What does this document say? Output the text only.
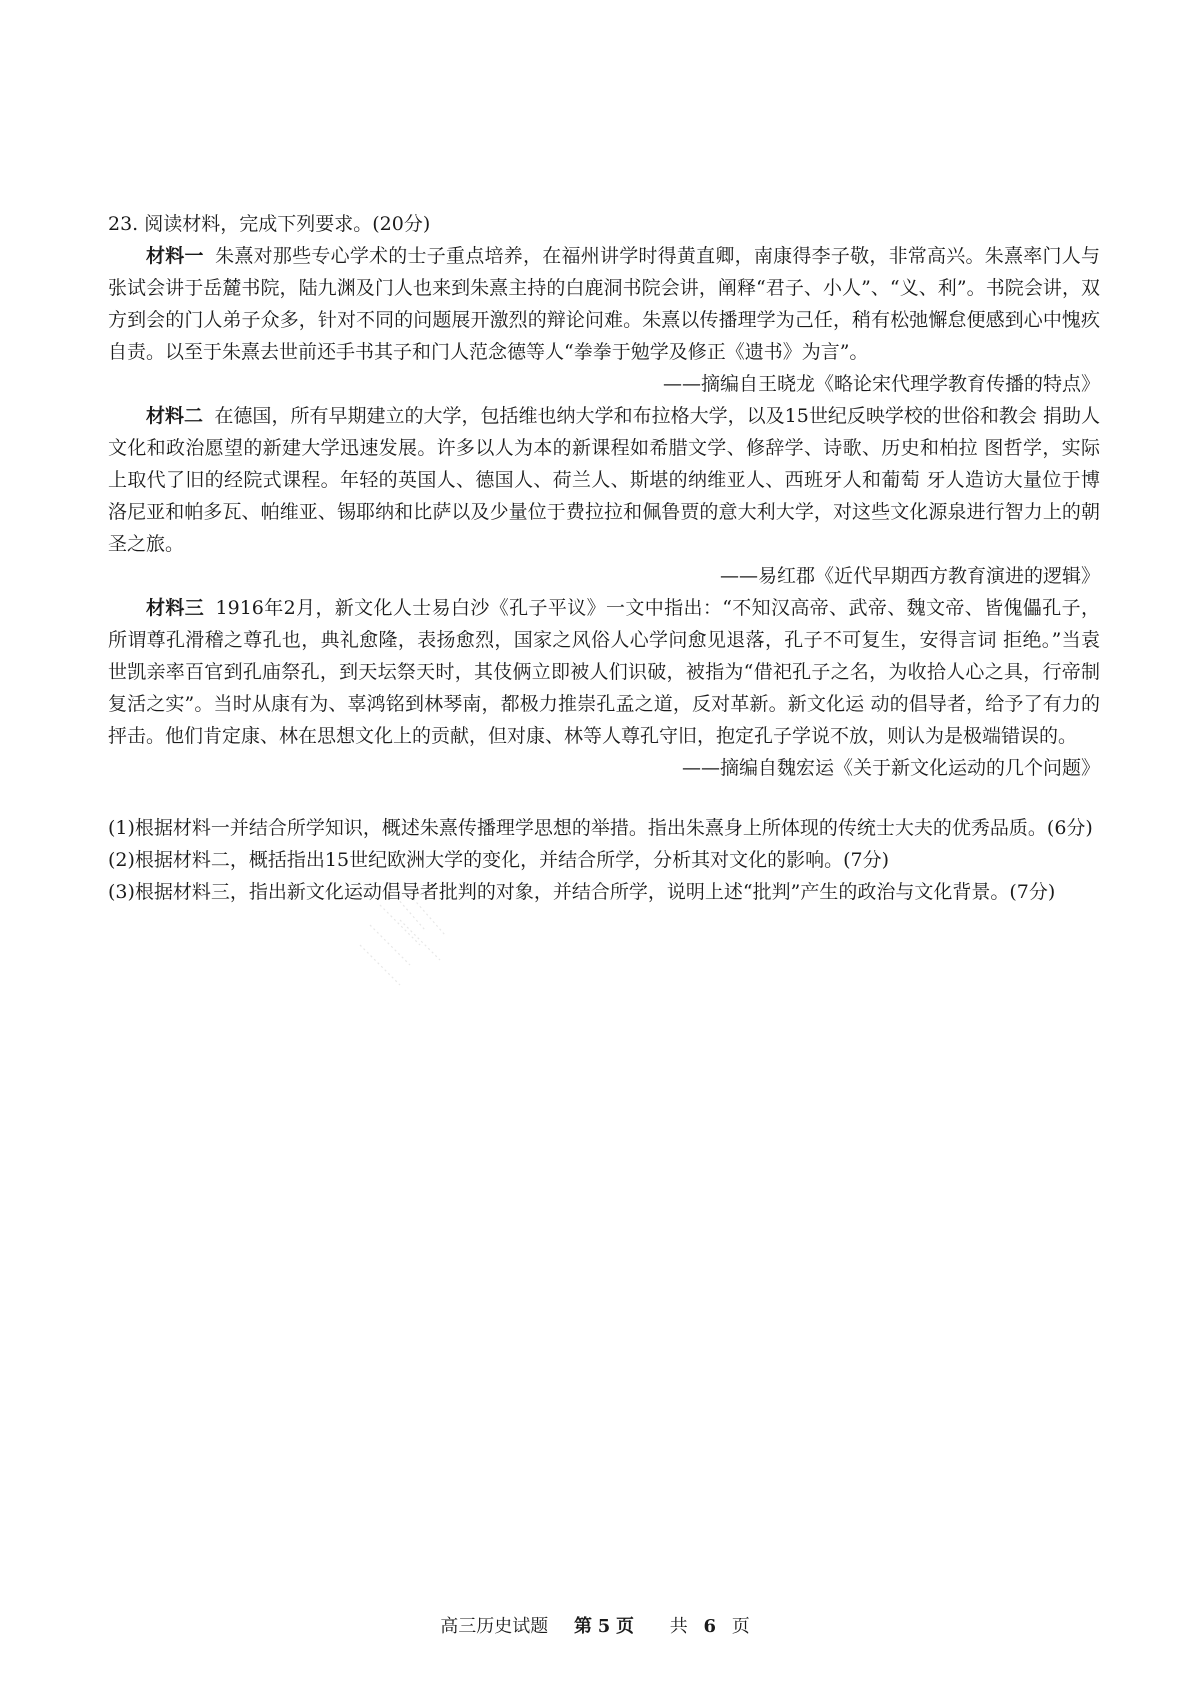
23. 阅读材料，完成下列要求。(20分)

材料一 朱熹对那些专心学术的士子重点培养，在福州讲学时得黄直卿，南康得李子敬，非常高兴。朱熹率门人与张试会讲于岳麓书院，陆九渊及门人也来到朱熹主持的白鹿洞书院会讲，阐释“君子、小人”、“义、利”。书院会讲，双方到会的门人弟子众多，针对不同的问题展开激烈的辩论问难。朱熹以传播理学为己任，稍有松弛懈怠便感到心中愧疚自责。以至于朱熹去世前还手书其子和门人范念德等人“拳拳于勉学及修正《遗书》为言”。

——摘编自王晓龙《略论宋代理学教育传播的特点》

材料二 在德国，所有早期建立的大学，包括维也纳大学和布拉格大学，以及15世纪反映学校的世俗和教会 捐助人文化和政治愿望的新建大学迅速发展。许多以人为本的新课程如希腊文学、修辞学、诗歌、历史和柏拉 图哲学，实际上取代了旧的经院式课程。年轻的英国人、德国人、荷兰人、斯堪的纳维亚人、西班牙人和葡萄 牙人造访大量位于博洛尼亚和帕多瓦、帕维亚、锡耶纳和比萨以及少量位于费拉拉和佩鲁贾的意大利大学，对这些文化源泉进行智力上的朝圣之旅。

——易红郡《近代早期西方教育演进的逻辑》

材料三 1916年2月，新文化人士易白沙《孔子平议》一文中指出：“不知汉高帝、武帝、魏文帝、皆傀儡孔子，所谓尊孔滑稽之尊孔也，典礼愈隆，表扬愈烈，国家之风俗人心学问愈见退落，孔子不可复生，安得言词 拒绝。”当袁世凯亲率百官到孔庙祭孔，到天坛祭天时，其伎俩立即被人们识破，被指为“借祀孔子之名，为收拾人心之具，行帝制复活之实”。当时从康有为、辜鸿铭到林琴南，都极力推崇孔孟之道，反对革新。新文化运 动的倡导者，给予了有力的抨击。他们肯定康、林在思想文化上的贡献，但对康、林等人尊孔守旧，抱定孔子学说不放，则认为是极端错误的。

——摘编自魏宏运《关于新文化运动的几个问题》

(1)根据材料一并结合所学知识，概述朱熹传播理学思想的举措。指出朱熹身上所体现的传统士大夫的优秀品质。(6分)

(2)根据材料二，概括指出15世纪欧洲大学的变化，并结合所学，分析其对文化的影响。(7分)

(3)根据材料三，指出新文化运动倡导者批判的对象，并结合所学，说明上述“批判”产生的政治与文化背景。(7分)

高三历史试题 第 5 页 共 6 页
